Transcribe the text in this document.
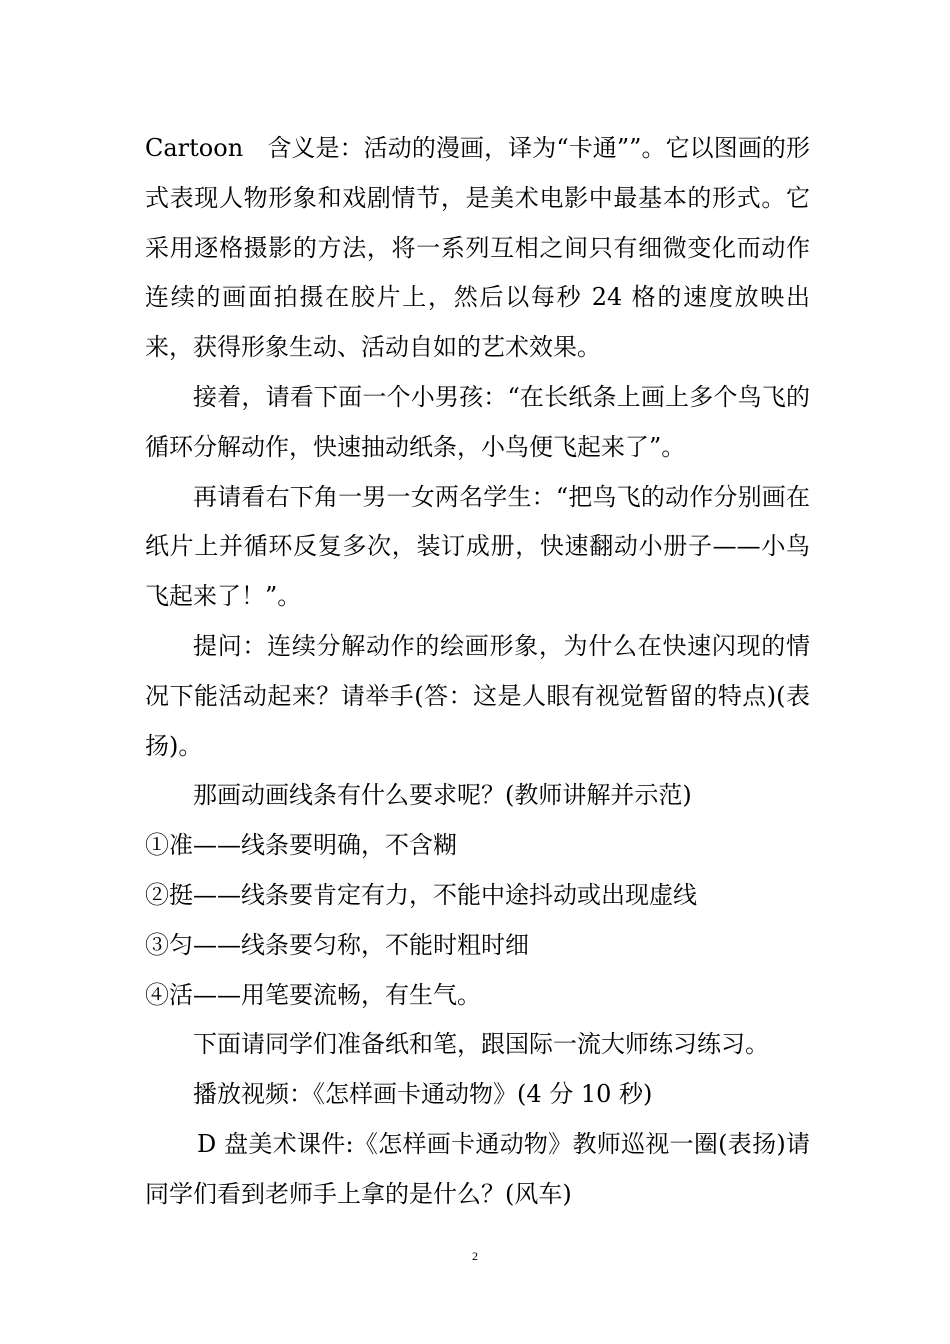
Cartoon　含义是：活动的漫画，译为“卡通””。它以图画的形式表现人物形象和戏剧情节，是美术电影中最基本的形式。它采用逐格摄影的方法，将一系列互相之间只有细微变化而动作连续的画面拍摄在胶片上，然后以每秒 24 格的速度放映出来，获得形象生动、活动自如的艺术效果。

接着，请看下面一个小男孩：“在长纸条上画上多个鸟飞的循环分解动作，快速抽动纸条，小鸟便飞起来了”。

再请看右下角一男一女两名学生：“把鸟飞的动作分别画在纸片上并循环反复多次，装订成册，快速翻动小册子——小鸟飞起来了！”。

提问：连续分解动作的绘画形象，为什么在快速闪现的情况下能活动起来？请举手(答：这是人眼有视觉暂留的特点)(表扬)。

那画动画线条有什么要求呢？(教师讲解并示范)

①准——线条要明确，不含糊

②挺——线条要肯定有力，不能中途抖动或出现虚线

③匀——线条要匀称，不能时粗时细

④活——用笔要流畅，有生气。

下面请同学们准备纸和笔，跟国际一流大师练习练习。

播放视频：《怎样画卡通动物》(4 分 10 秒)

D 盘美术课件:《怎样画卡通动物》教师巡视一圈(表扬)请同学们看到老师手上拿的是什么？(风车)

2
